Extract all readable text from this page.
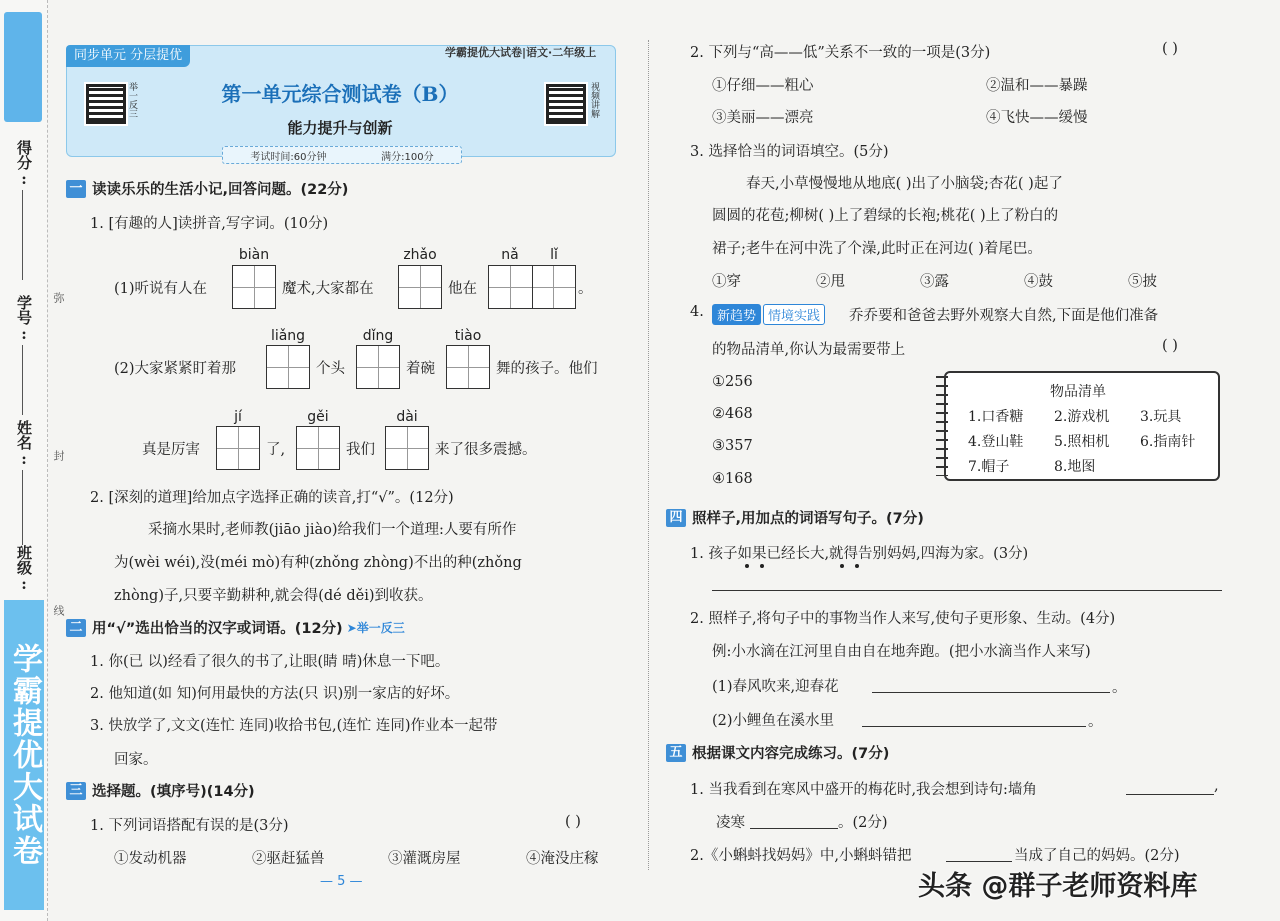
得分:
学号:
姓名:
班级:
弥
封
线
学霸提优大试卷
同步单元 分层提优	学霸提优大试卷|语文·二年级上
举一反三	视频讲解
第一单元综合测试卷（B）
能力提升与创新
考试时间:60分钟	满分:100分
一 读读乐乐的生活小记,回答问题。(22分)
1. [有趣的人]读拼音,写字词。(10分)
biàn	zhǎo	nǎ	lǐ
(1)听说有人在	魔术,大家都在	他在	。
liǎng	dǐng	tiào
(2)大家紧紧盯着那	个头	着碗	舞的孩子。他们
jí	gěi	dài
真是厉害	了,	我们	来了很多震撼。
2. [深刻的道理]给加点字选择正确的读音,打“√”。(12分)
采摘水果时,老师教(jiāo jiào)给我们一个道理:人要有所作
为(wèi wéi),没(méi mò)有种(zhǒng zhòng)不出的种(zhǒng
zhòng)子,只要辛勤耕种,就会得(dé děi)到收获。
二 用“√”选出恰当的汉字或词语。(12分) ➤举一反三
1. 你(已 以)经看了很久的书了,让眼(睛 晴)休息一下吧。
2. 他知道(如 知)何用最快的方法(只 识)别一家店的好坏。
3. 快放学了,文文(连忙 连同)收拾书包,(连忙 连同)作业本一起带
回家。
三 选择题。(填序号)(14分)
1. 下列词语搭配有误的是(3分)	( )
①发动机器	②驱赶猛兽	③灌溉房屋	④淹没庄稼
— 5 —
2. 下列与“高——低”关系不一致的一项是(3分)	( )
①仔细——粗心	②温和——暴躁
③美丽——漂亮	④飞快——缓慢
3. 选择恰当的词语填空。(5分)
春天,小草慢慢地从地底( )出了小脑袋;杏花( )起了
圆圆的花苞;柳树( )上了碧绿的长袍;桃花( )上了粉白的
裙子;老牛在河中洗了个澡,此时正在河边( )着尾巴。
①穿	②甩	③露	④鼓	⑤披
4.	新趋势 情境实践	乔乔要和爸爸去野外观察大自然,下面是他们准备
的物品清单,你认为最需要带上	( )
①256
②468
③357
④168
物品清单
1.口香糖 2.游戏机 3.玩具
4.登山鞋 5.照相机 6.指南针
7.帽子	8.地图
四 照样子,用加点的词语写句子。(7分)
1. 孩子如果已经长大,就得告别妈妈,四海为家。(3分)
2. 照样子,将句子中的事物当作人来写,使句子更形象、生动。(4分)
例:小水滴在江河里自由自在地奔跑。(把小水滴当作人来写)
(1)春风吹来,迎春花	。
(2)小鲤鱼在溪水里	。
五 根据课文内容完成练习。(7分)
1. 当我看到在寒风中盛开的梅花时,我会想到诗句:墙角	,
凌寒	。(2分)
2.《小蝌蚪找妈妈》中,小蝌蚪错把	当成了自己的妈妈。(2分)
头条 @群子老师资料库
